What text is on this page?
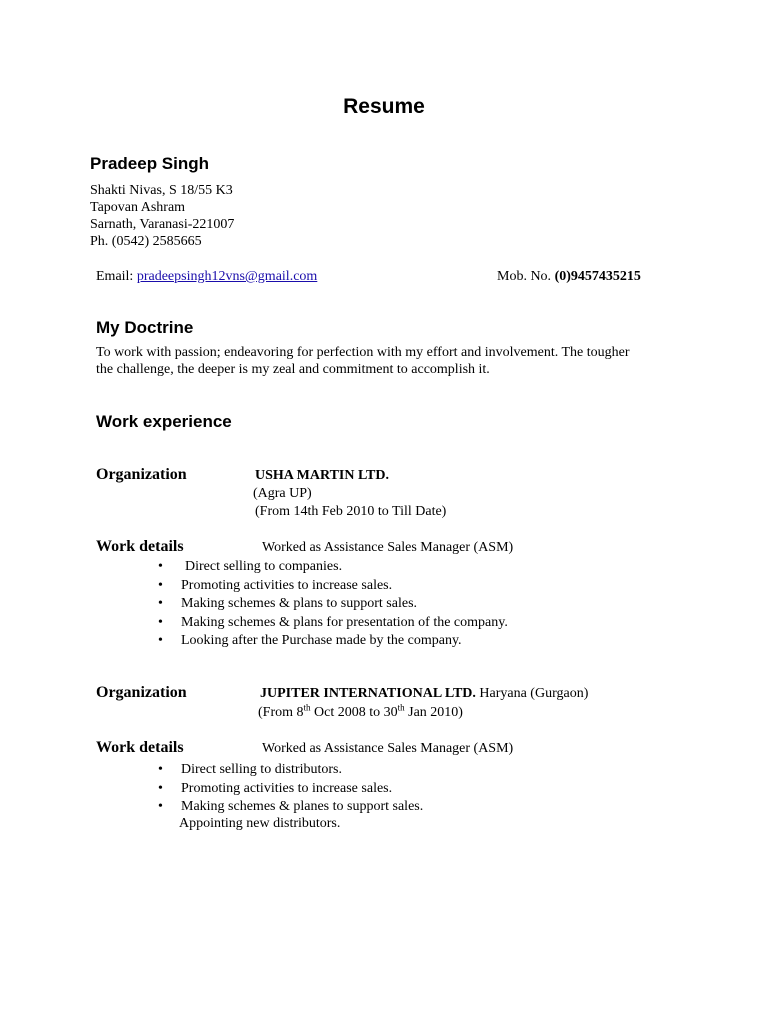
Resume
Pradeep Singh
Shakti Nivas, S 18/55 K3
Tapovan Ashram
Sarnath, Varanasi-221007
Ph. (0542) 2585665
Email: pradeepsingh12vns@gmail.com	Mob. No. (0)9457435215
My Doctrine
To work with passion; endeavoring for perfection with my effort and involvement. The tougher
the challenge, the deeper is my zeal and commitment to accomplish it.
Work experience
Organization	USHA MARTIN LTD.
(Agra UP)
(From 14th Feb 2010 to Till Date)
Work details	Worked as Assistance Sales Manager (ASM)
• Direct selling to companies.
• Promoting activities to increase sales.
• Making schemes & plans to support sales.
• Making schemes & plans for presentation of the company.
• Looking after the Purchase made by the company.
Organization	JUPITER INTERNATIONAL LTD. Haryana (Gurgaon)
(From 8th Oct 2008 to 30th Jan 2010)
Work details	Worked as Assistance Sales Manager (ASM)
• Direct selling to distributors.
• Promoting activities to increase sales.
• Making schemes & planes to support sales.
Appointing new distributors.
